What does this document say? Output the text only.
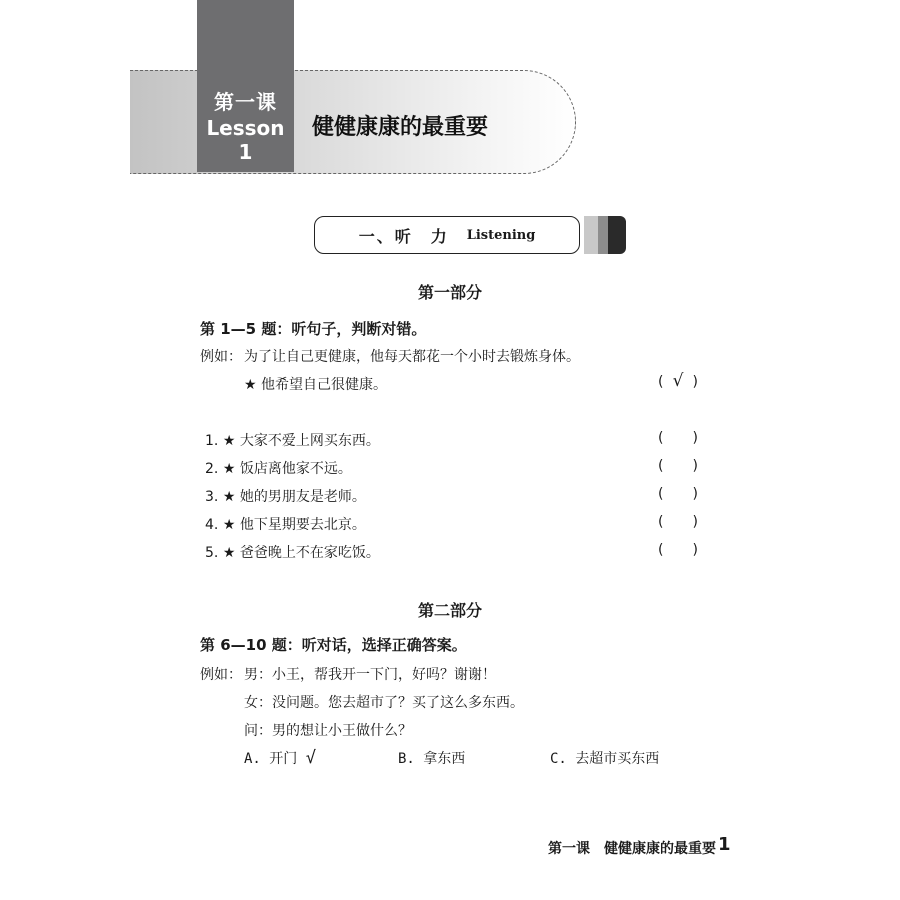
第一课
Lesson 1
健健康康的最重要
一、听　力 Listening
第一部分
第 1—5 题：听句子，判断对错。
例如： 为了让自己更健康，他每天都花一个小时去锻炼身体。
★ 他希望自己很健康。	( √ )
1. ★ 大家不爱上网买东西。	( )
2. ★ 饭店离他家不远。	( )
3. ★ 她的男朋友是老师。	( )
4. ★ 他下星期要去北京。	( )
5. ★ 爸爸晚上不在家吃饭。	( )
第二部分
第 6—10 题：听对话，选择正确答案。
例如： 男：小王，帮我开一下门，好吗？谢谢！
女：没问题。您去超市了？买了这么多东西。
问：男的想让小王做什么？
A. 开门 √	B. 拿东西	C. 去超市买东西
第一课　健健康康的最重要 1
